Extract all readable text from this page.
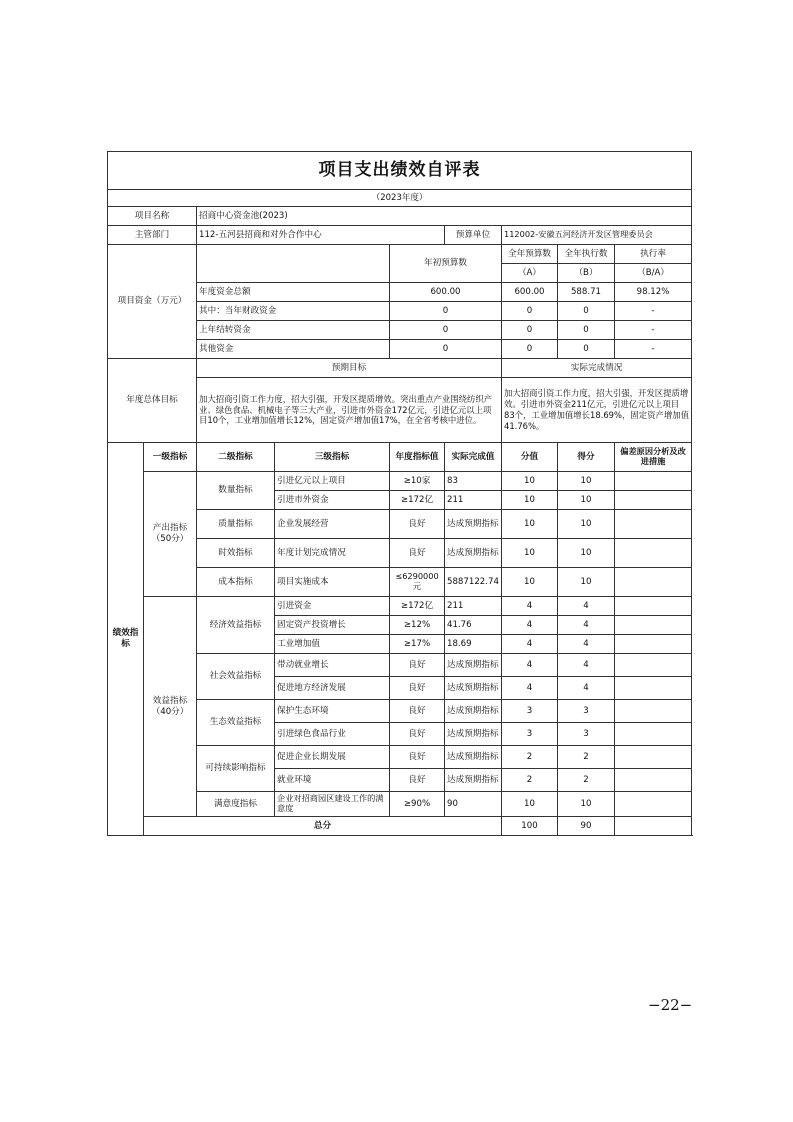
项目支出绩效自评表								
（2023年度）								
项目名称		招商中心资金池(2023)						
主管部门		112-五河县招商和对外合作中心			预算单位	112002-安徽五河经济开发区管理委员会		
项目资金（万元）				年初预算数		全年预算数	全年执行数	执行率
						（A）	（B）	（B/A）
		年度资金总额		600.00		600.00	588.71	98.12%
		其中：当年财政资金		0		0	0	-
		上年结转资金		0		0	0	-
		其他资金		0		0	0	-
年度总体目标		预期目标				实际完成情况		
		加大招商引资工作力度，招大引强，开发区提质增效。突出重点产业围绕纺织产业、绿色食品、机械电子等三大产业，引进市外资金172亿元，引进亿元以上项目10个，工业增加值增长12%，固定资产增加值17%，在全省考核中进位。				加大招商引资工作力度，招大引强，开发区提质增效。引进市外资金211亿元，引进亿元以上项目83个，工业增加值增长18.69%，固定资产增加值41.76%。		
绩效指标	一级指标	二级指标	三级指标	年度指标值	实际完成值	分值	得分	偏差原因分析及改进措施
	产出指标（50分）	数量指标	引进亿元以上项目	≥10家	83	10	10	
			引进市外资金	≥172亿	211	10	10	
		质量指标	企业发展经营	良好	达成预期指标	10	10	
		时效指标	年度计划完成情况	良好	达成预期指标	10	10	
		成本指标	项目实施成本	≤6290000元	5887122.74	10	10	
	效益指标（40分）	经济效益指标	引进资金	≥172亿	211	4	4	
			固定资产投资增长	≥12%	41.76	4	4	
			工业增加值	≥17%	18.69	4	4	
		社会效益指标	带动就业增长	良好	达成预期指标	4	4	
			促进地方经济发展	良好	达成预期指标	4	4	
		生态效益指标	保护生态环境	良好	达成预期指标	3	3	
			引进绿色食品行业	良好	达成预期指标	3	3	
		可持续影响指标	促进企业长期发展	良好	达成预期指标	2	2	
			就业环境	良好	达成预期指标	2	2	
		满意度指标	企业对招商园区建设工作的满意度	≥90%	90	10	10	
	总分					100	90	
−22−
